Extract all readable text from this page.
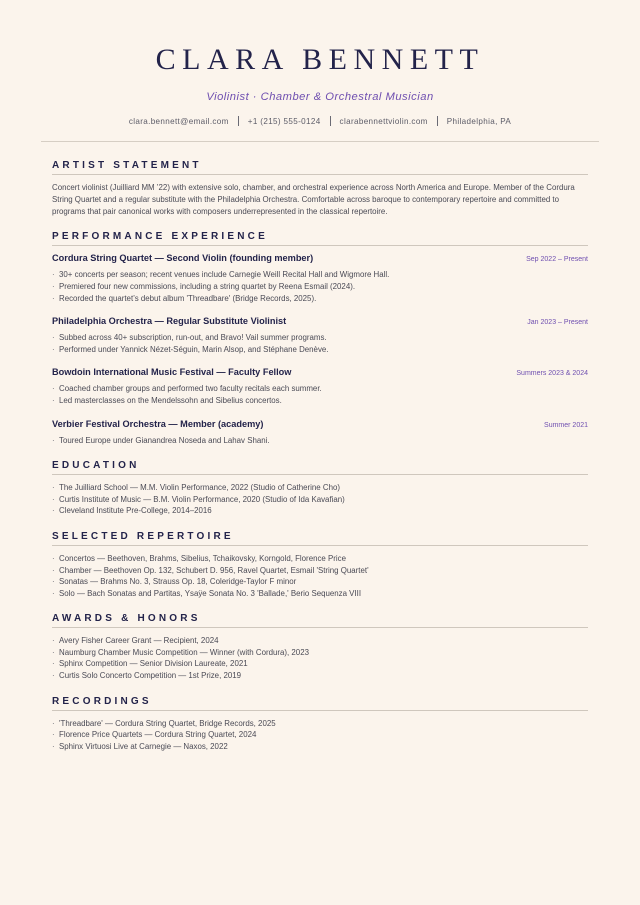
CLARA BENNETT
Violinist · Chamber & Orchestral Musician
clara.bennett@email.com +1 (215) 555-0124 clarabennettviolin.com Philadelphia, PA
ARTIST STATEMENT

Concert violinist (Juilliard MM ’22) with extensive solo, chamber, and orchestral experience across North America and Europe. Member of the Cordura String Quartet and a regular substitute with the Philadelphia Orchestra. Comfortable across baroque to contemporary repertoire and committed to programs that pair canonical works with composers underrepresented in the classical repertoire.

PERFORMANCE EXPERIENCE
Cordura String Quartet — Second Violin (founding member)	Sep 2022 – Present
· 30+ concerts per season; recent venues include Carnegie Weill Recital Hall and Wigmore Hall.
· Premiered four new commissions, including a string quartet by Reena Esmail (2024).
· Recorded the quartet’s debut album 'Threadbare' (Bridge Records, 2025).
Philadelphia Orchestra — Regular Substitute Violinist	Jan 2023 – Present
· Subbed across 40+ subscription, run-out, and Bravo! Vail summer programs.
· Performed under Yannick Nézet-Séguin, Marin Alsop, and Stéphane Denève.
Bowdoin International Music Festival — Faculty Fellow	Summers 2023 & 2024
· Coached chamber groups and performed two faculty recitals each summer.
· Led masterclasses on the Mendelssohn and Sibelius concertos.
Verbier Festival Orchestra — Member (academy)	Summer 2021
· Toured Europe under Gianandrea Noseda and Lahav Shani.
EDUCATION
· The Juilliard School — M.M. Violin Performance, 2022 (Studio of Catherine Cho)
· Curtis Institute of Music — B.M. Violin Performance, 2020 (Studio of Ida Kavafian)
· Cleveland Institute Pre-College, 2014–2016
SELECTED REPERTOIRE
· Concertos — Beethoven, Brahms, Sibelius, Tchaikovsky, Korngold, Florence Price
· Chamber — Beethoven Op. 132, Schubert D. 956, Ravel Quartet, Esmail 'String Quartet'
· Sonatas — Brahms No. 3, Strauss Op. 18, Coleridge-Taylor F minor
· Solo — Bach Sonatas and Partitas, Ysaÿe Sonata No. 3 'Ballade,' Berio Sequenza VIII
AWARDS & HONORS
· Avery Fisher Career Grant — Recipient, 2024
· Naumburg Chamber Music Competition — Winner (with Cordura), 2023
· Sphinx Competition — Senior Division Laureate, 2021
· Curtis Solo Concerto Competition — 1st Prize, 2019
RECORDINGS
· 'Threadbare' — Cordura String Quartet, Bridge Records, 2025
· Florence Price Quartets — Cordura String Quartet, 2024
· Sphinx Virtuosi Live at Carnegie — Naxos, 2022
